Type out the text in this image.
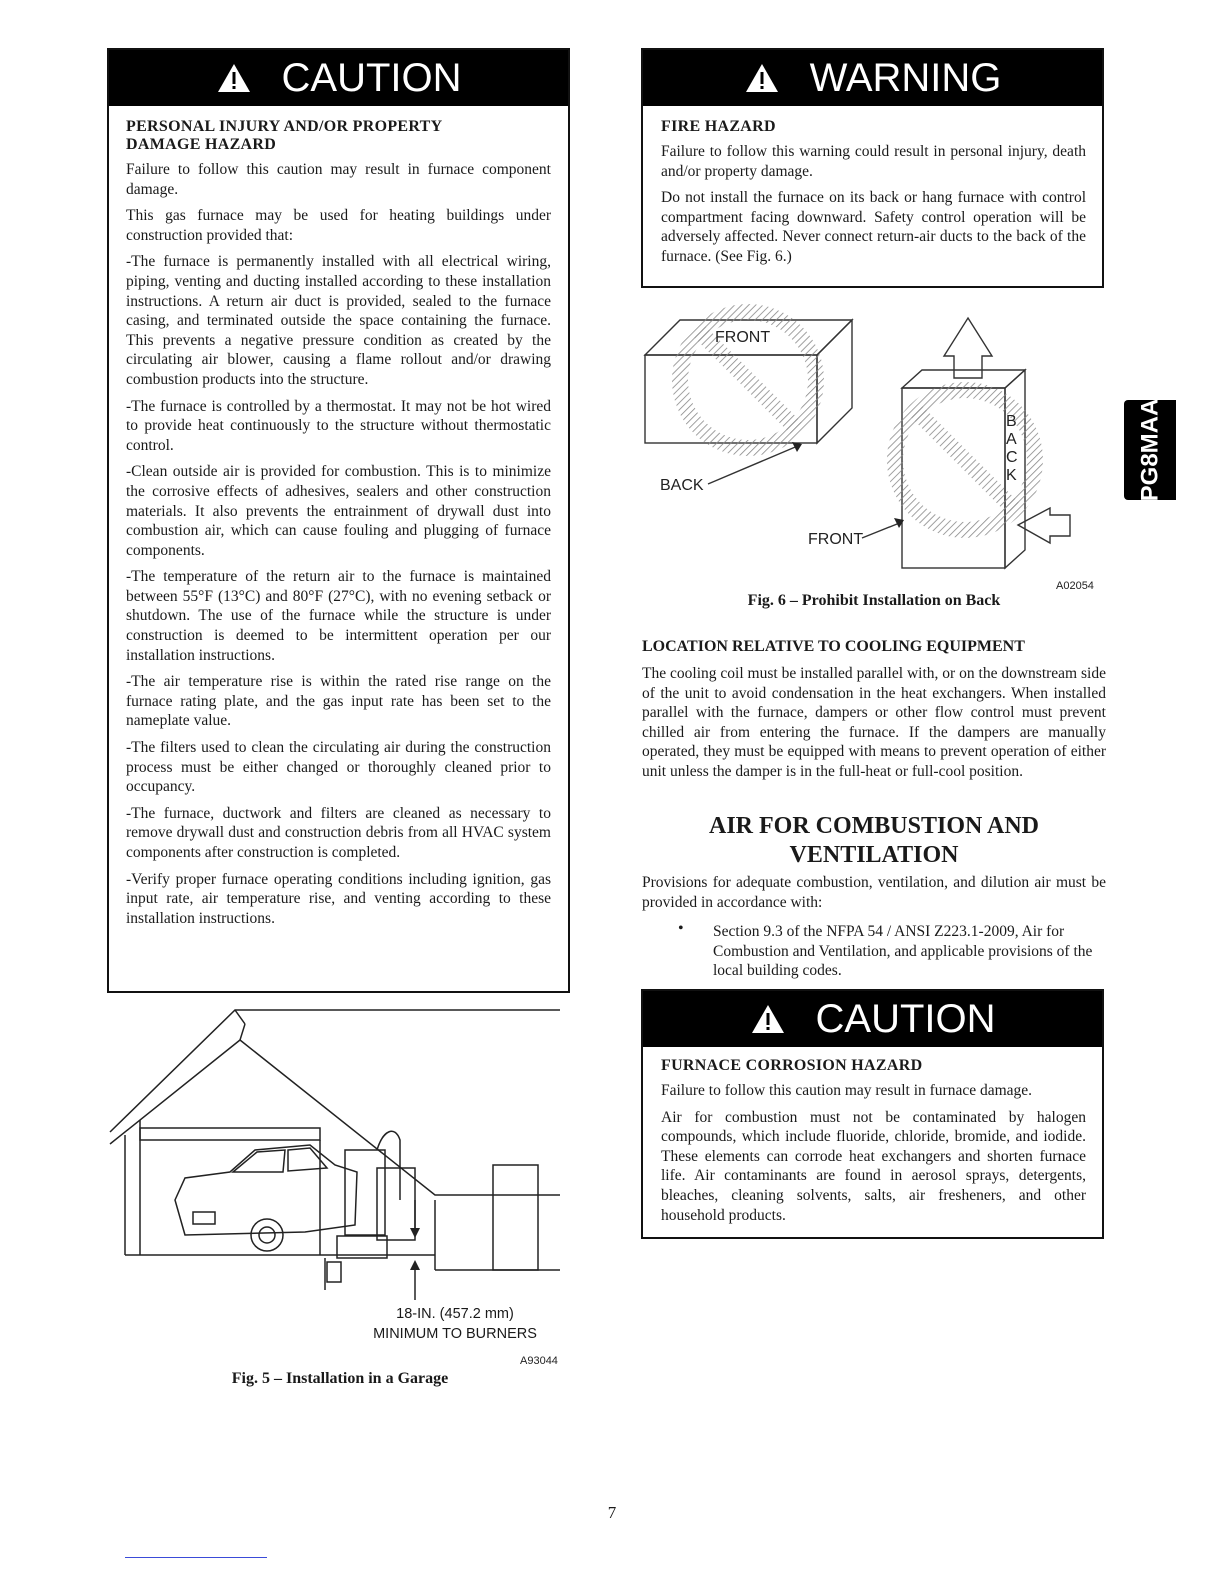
CAUTION
PERSONAL INJURY AND/OR PROPERTY DAMAGE HAZARD
Failure to follow this caution may result in furnace component damage.
This gas furnace may be used for heating buildings under construction provided that:
-The furnace is permanently installed with all electrical wiring, piping, venting and ducting installed according to these installation instructions. A return air duct is provided, sealed to the furnace casing, and terminated outside the space containing the furnace. This prevents a negative pressure condition as created by the circulating air blower, causing a flame rollout and/or drawing combustion products into the structure.
-The furnace is controlled by a thermostat. It may not be hot wired to provide heat continuously to the structure without thermostatic control.
-Clean outside air is provided for combustion. This is to minimize the corrosive effects of adhesives, sealers and other construction materials. It also prevents the entrainment of drywall dust into combustion air, which can cause fouling and plugging of furnace components.
-The temperature of the return air to the furnace is maintained between 55°F (13°C) and 80°F (27°C), with no evening setback or shutdown. The use of the furnace while the structure is under construction is deemed to be intermittent operation per our installation instructions.
-The air temperature rise is within the rated rise range on the furnace rating plate, and the gas input rate has been set to the nameplate value.
-The filters used to clean the circulating air during the construction process must be either changed or thoroughly cleaned prior to occupancy.
-The furnace, ductwork and filters are cleaned as necessary to remove drywall dust and construction debris from all HVAC system components after construction is completed.
-Verify proper furnace operating conditions including ignition, gas input rate, air temperature rise, and venting according to these installation instructions.
18-IN. (457.2 mm)
MINIMUM TO BURNERS
A93044
Fig. 5 – Installation in a Garage
WARNING
FIRE HAZARD
Failure to follow this warning could result in personal injury, death and/or property damage.
Do not install the furnace on its back or hang furnace with control compartment facing downward. Safety control operation will be adversely affected. Never connect return-air ducts to the back of the furnace. (See Fig. 6.)
FRONT
BACK
FRONT
B
A
C
K
A02054
Fig. 6 – Prohibit Installation on Back
LOCATION RELATIVE TO COOLING EQUIPMENT
The cooling coil must be installed parallel with, or on the downstream side of the unit to avoid condensation in the heat exchangers. When installed parallel with the furnace, dampers or other flow control must prevent chilled air from entering the furnace. If the dampers are manually operated, they must be equipped with means to prevent operation of either unit unless the damper is in the full-heat or full-cool position.
AIR FOR COMBUSTION AND
VENTILATION
Provisions for adequate combustion, ventilation, and dilution air must be provided in accordance with:
• Section 9.3 of the NFPA 54 / ANSI Z223.1-2009, Air for Combustion and Ventilation, and applicable provisions of the local building codes.
CAUTION
FURNACE CORROSION HAZARD
Failure to follow this caution may result in furnace damage.
Air for combustion must not be contaminated by halogen compounds, which include fluoride, chloride, bromide, and iodide. These elements can corrode heat exchangers and shorten furnace life. Air contaminants are found in aerosol sprays, detergents, bleaches, cleaning solvents, salts, air fresheners, and other household products.
PG8MAA
7
